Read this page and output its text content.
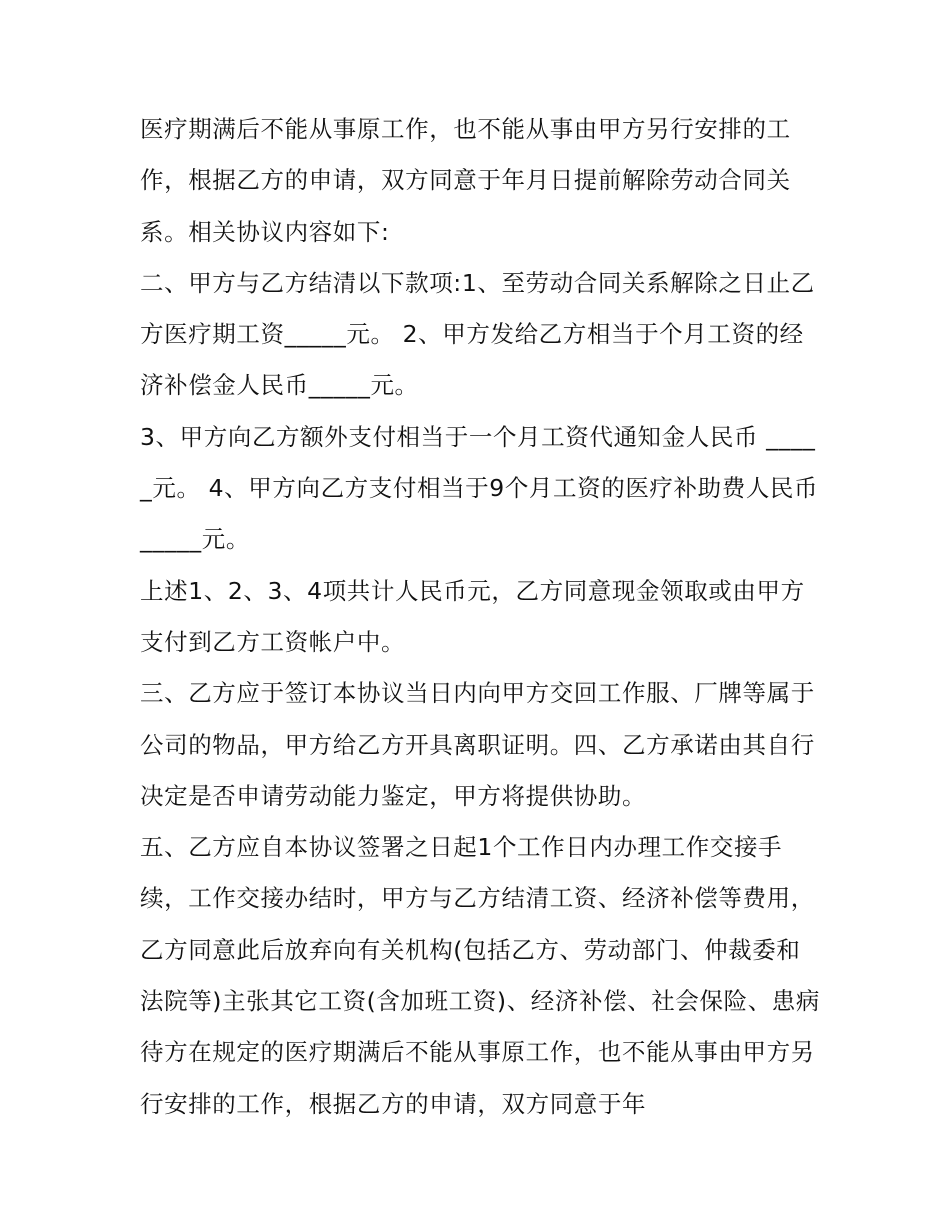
医疗期满后不能从事原工作，也不能从事由甲方另行安排的工作，根据乙方的申请，双方同意于年月日提前解除劳动合同关系。相关协议内容如下:

二、甲方与乙方结清以下款项:1、至劳动合同关系解除之日止乙方医疗期工资_____元。 2、甲方发给乙方相当于个月工资的经济补偿金人民币_____元。

3、甲方向乙方额外支付相当于一个月工资代通知金人民币 _____元。 4、甲方向乙方支付相当于9个月工资的医疗补助费人民币_____元。

上述1、2、3、4项共计人民币元，乙方同意现金领取或由甲方支付到乙方工资帐户中。

三、乙方应于签订本协议当日内向甲方交回工作服、厂牌等属于公司的物品，甲方给乙方开具离职证明。四、乙方承诺由其自行决定是否申请劳动能力鉴定，甲方将提供协助。

五、乙方应自本协议签署之日起1个工作日内办理工作交接手续，工作交接办结时，甲方与乙方结清工资、经济补偿等费用，乙方同意此后放弃向有关机构(包括乙方、劳动部门、仲裁委和法院等)主张其它工资(含加班工资)、经济补偿、社会保险、患病待方在规定的医疗期满后不能从事原工作，也不能从事由甲方另行安排的工作，根据乙方的申请，双方同意于年
